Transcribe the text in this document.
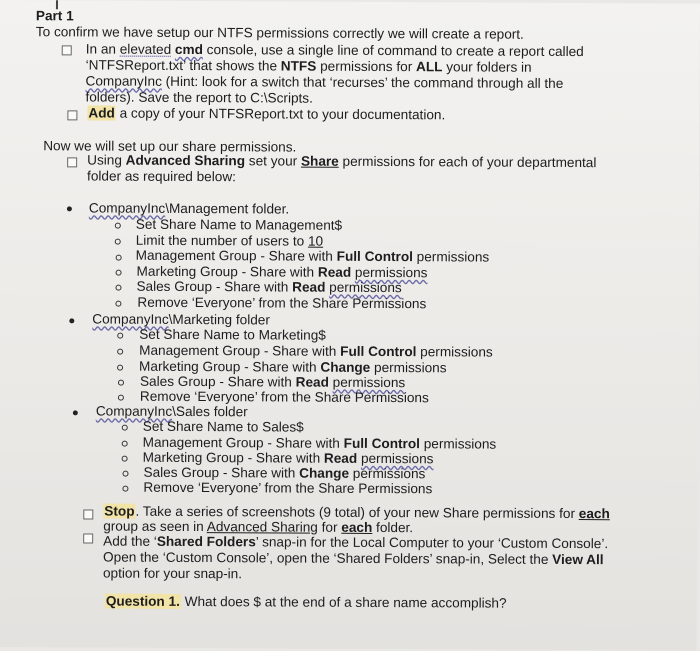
Part 1
To confirm we have setup our NTFS permissions correctly we will create a report.
In an elevated cmd console, use a single line of command to create a report called
‘NTFSReport.txt’ that shows the NTFS permissions for ALL your folders in
CompanyInc (Hint: look for a switch that ‘recurses’ the command through all the
folders). Save the report to C:\Scripts.
Add a copy of your NTFSReport.txt to your documentation.
Now we will set up our share permissions.
Using Advanced Sharing set your Share permissions for each of your departmental
folder as required below:
CompanyInc\Management folder.
Set Share Name to Management$
Limit the number of users to 10
Management Group - Share with Full Control permissions
Marketing Group - Share with Read permissions
Sales Group - Share with Read permissions
Remove ‘Everyone’ from the Share Permissions
CompanyInc\Marketing folder
Set Share Name to Marketing$
Management Group - Share with Full Control permissions
Marketing Group - Share with Change permissions
Sales Group - Share with Read permissions
Remove ‘Everyone’ from the Share Permissions
CompanyInc\Sales folder
Set Share Name to Sales$
Management Group - Share with Full Control permissions
Marketing Group - Share with Read permissions
Sales Group - Share with Change permissions
Remove ‘Everyone’ from the Share Permissions
Stop. Take a series of screenshots (9 total) of your new Share permissions for each
group as seen in Advanced Sharing for each folder.
Add the ‘Shared Folders’ snap-in for the Local Computer to your ‘Custom Console’.
Open the ‘Custom Console’, open the ‘Shared Folders’ snap-in, Select the View All
option for your snap-in.
Question 1. What does $ at the end of a share name accomplish?
